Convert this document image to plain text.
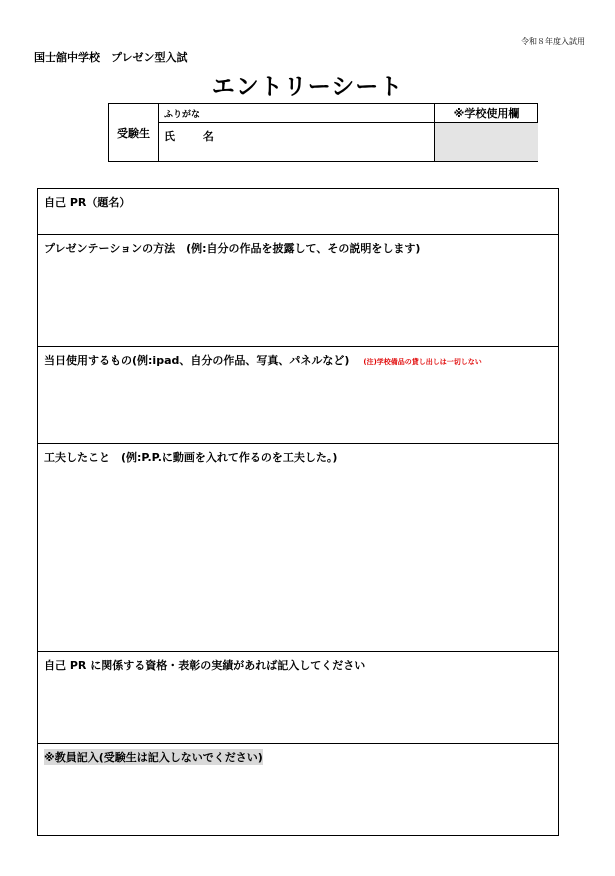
令和８年度入試用
国士舘中学校　プレゼン型入試
エントリーシート
受験生
ふりがな
氏 名
※学校使用欄
自己 PR（題名）
プレゼンテーションの方法　(例:自分の作品を披露して、その説明をします)
当日使用するもの(例:ipad、自分の作品、写真、パネルなど) (注)学校備品の貸し出しは一切しない
工夫したこと　(例:P.P.に動画を入れて作るのを工夫した。)
自己 PR に関係する資格・表彰の実績があれば記入してください
※教員記入(受験生は記入しないでください)
